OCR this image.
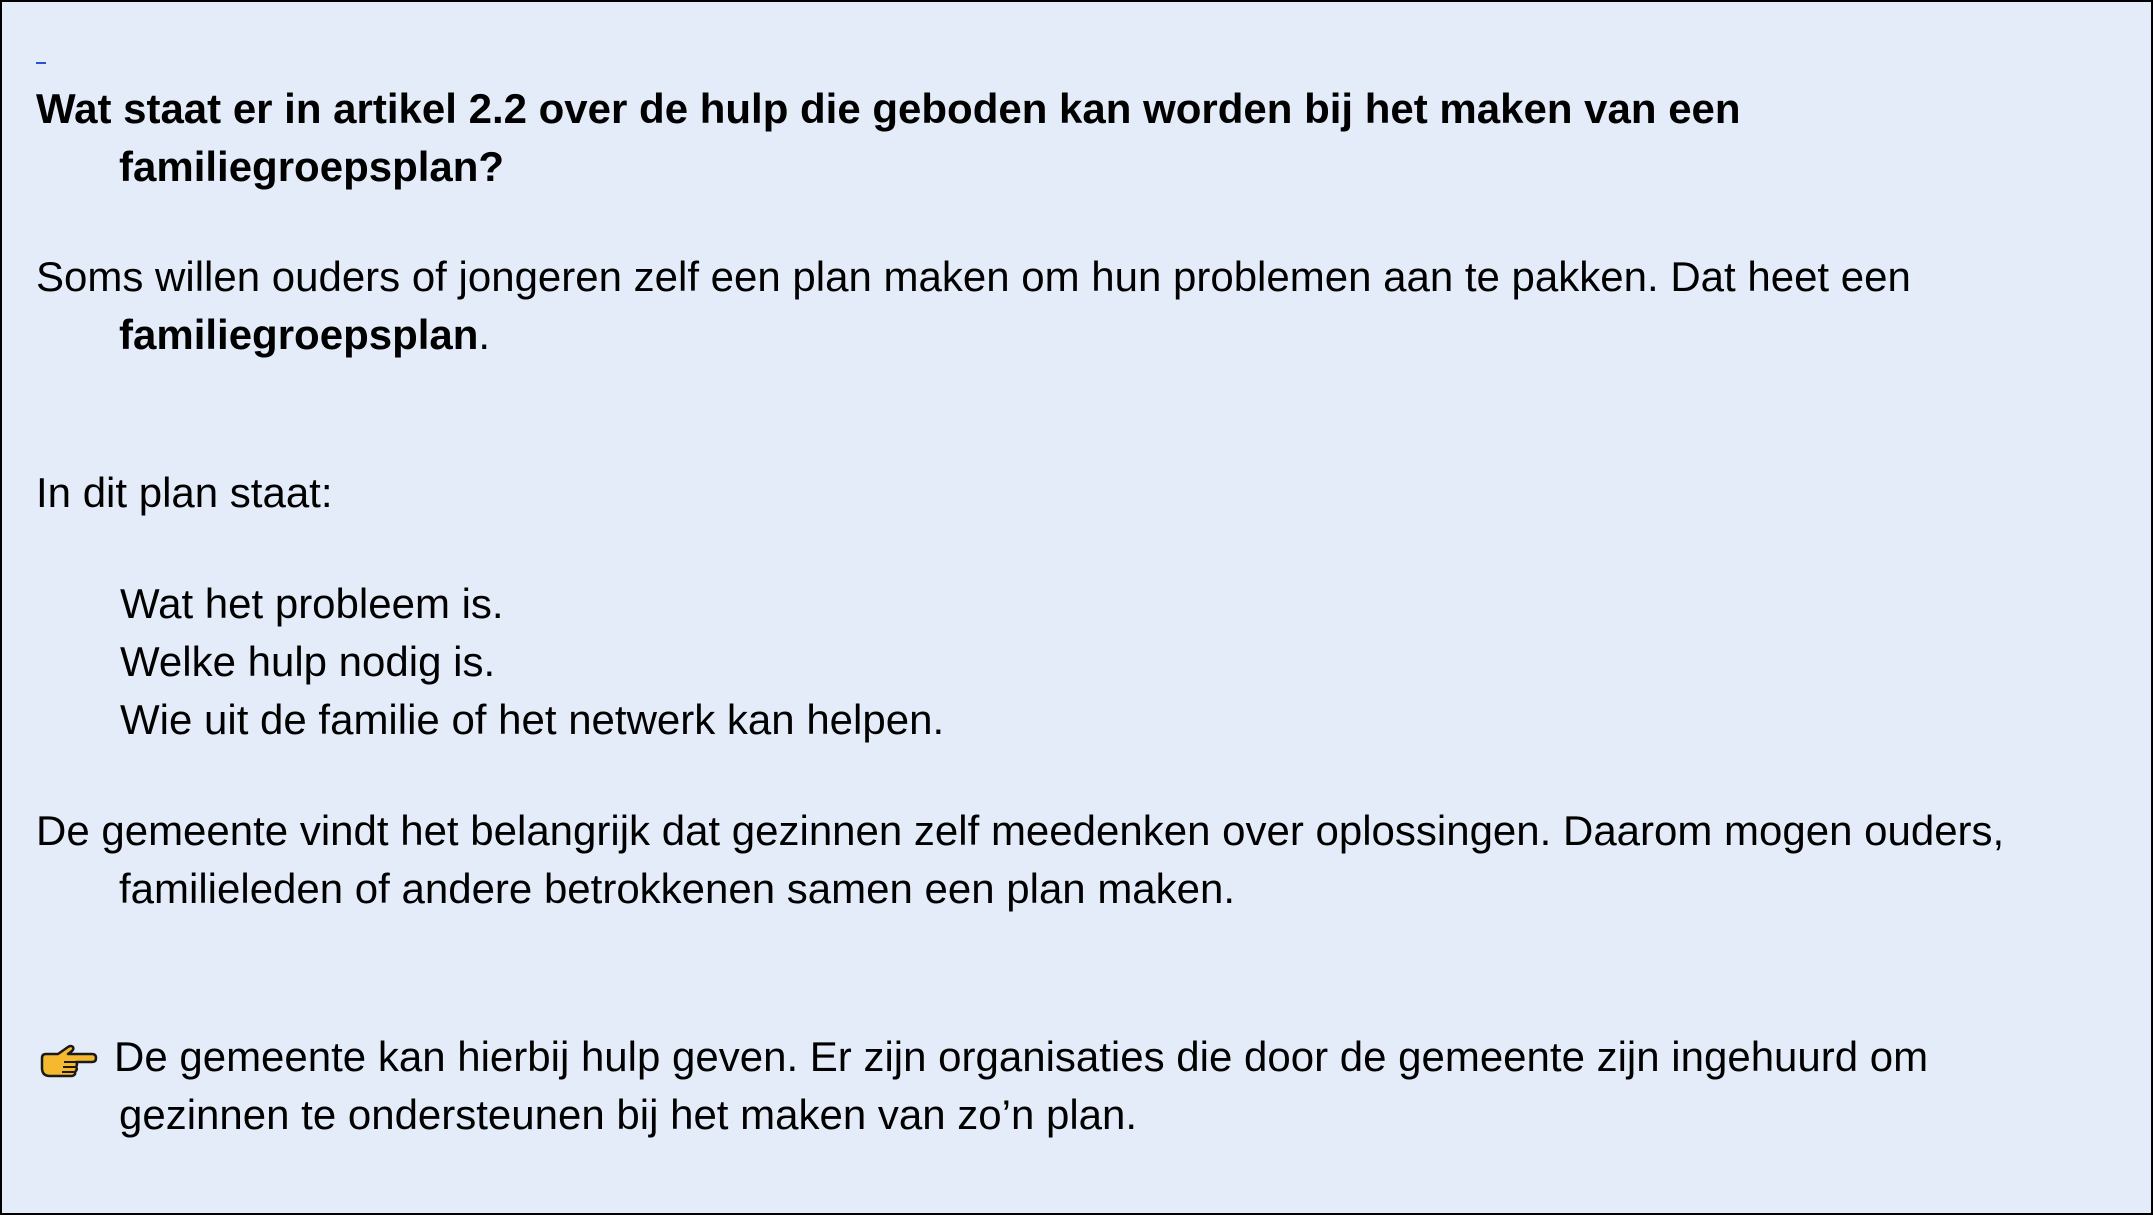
Wat staat er in artikel 2.2 over de hulp die geboden kan worden bij het maken van een
familiegroepsplan?
Soms willen ouders of jongeren zelf een plan maken om hun problemen aan te pakken. Dat heet een
familiegroepsplan.
In dit plan staat:
Wat het probleem is.
Welke hulp nodig is.
Wie uit de familie of het netwerk kan helpen.
De gemeente vindt het belangrijk dat gezinnen zelf meedenken over oplossingen. Daarom mogen ouders,
familieleden of andere betrokkenen samen een plan maken.
De gemeente kan hierbij hulp geven. Er zijn organisaties die door de gemeente zijn ingehuurd om
gezinnen te ondersteunen bij het maken van zo’n plan.
